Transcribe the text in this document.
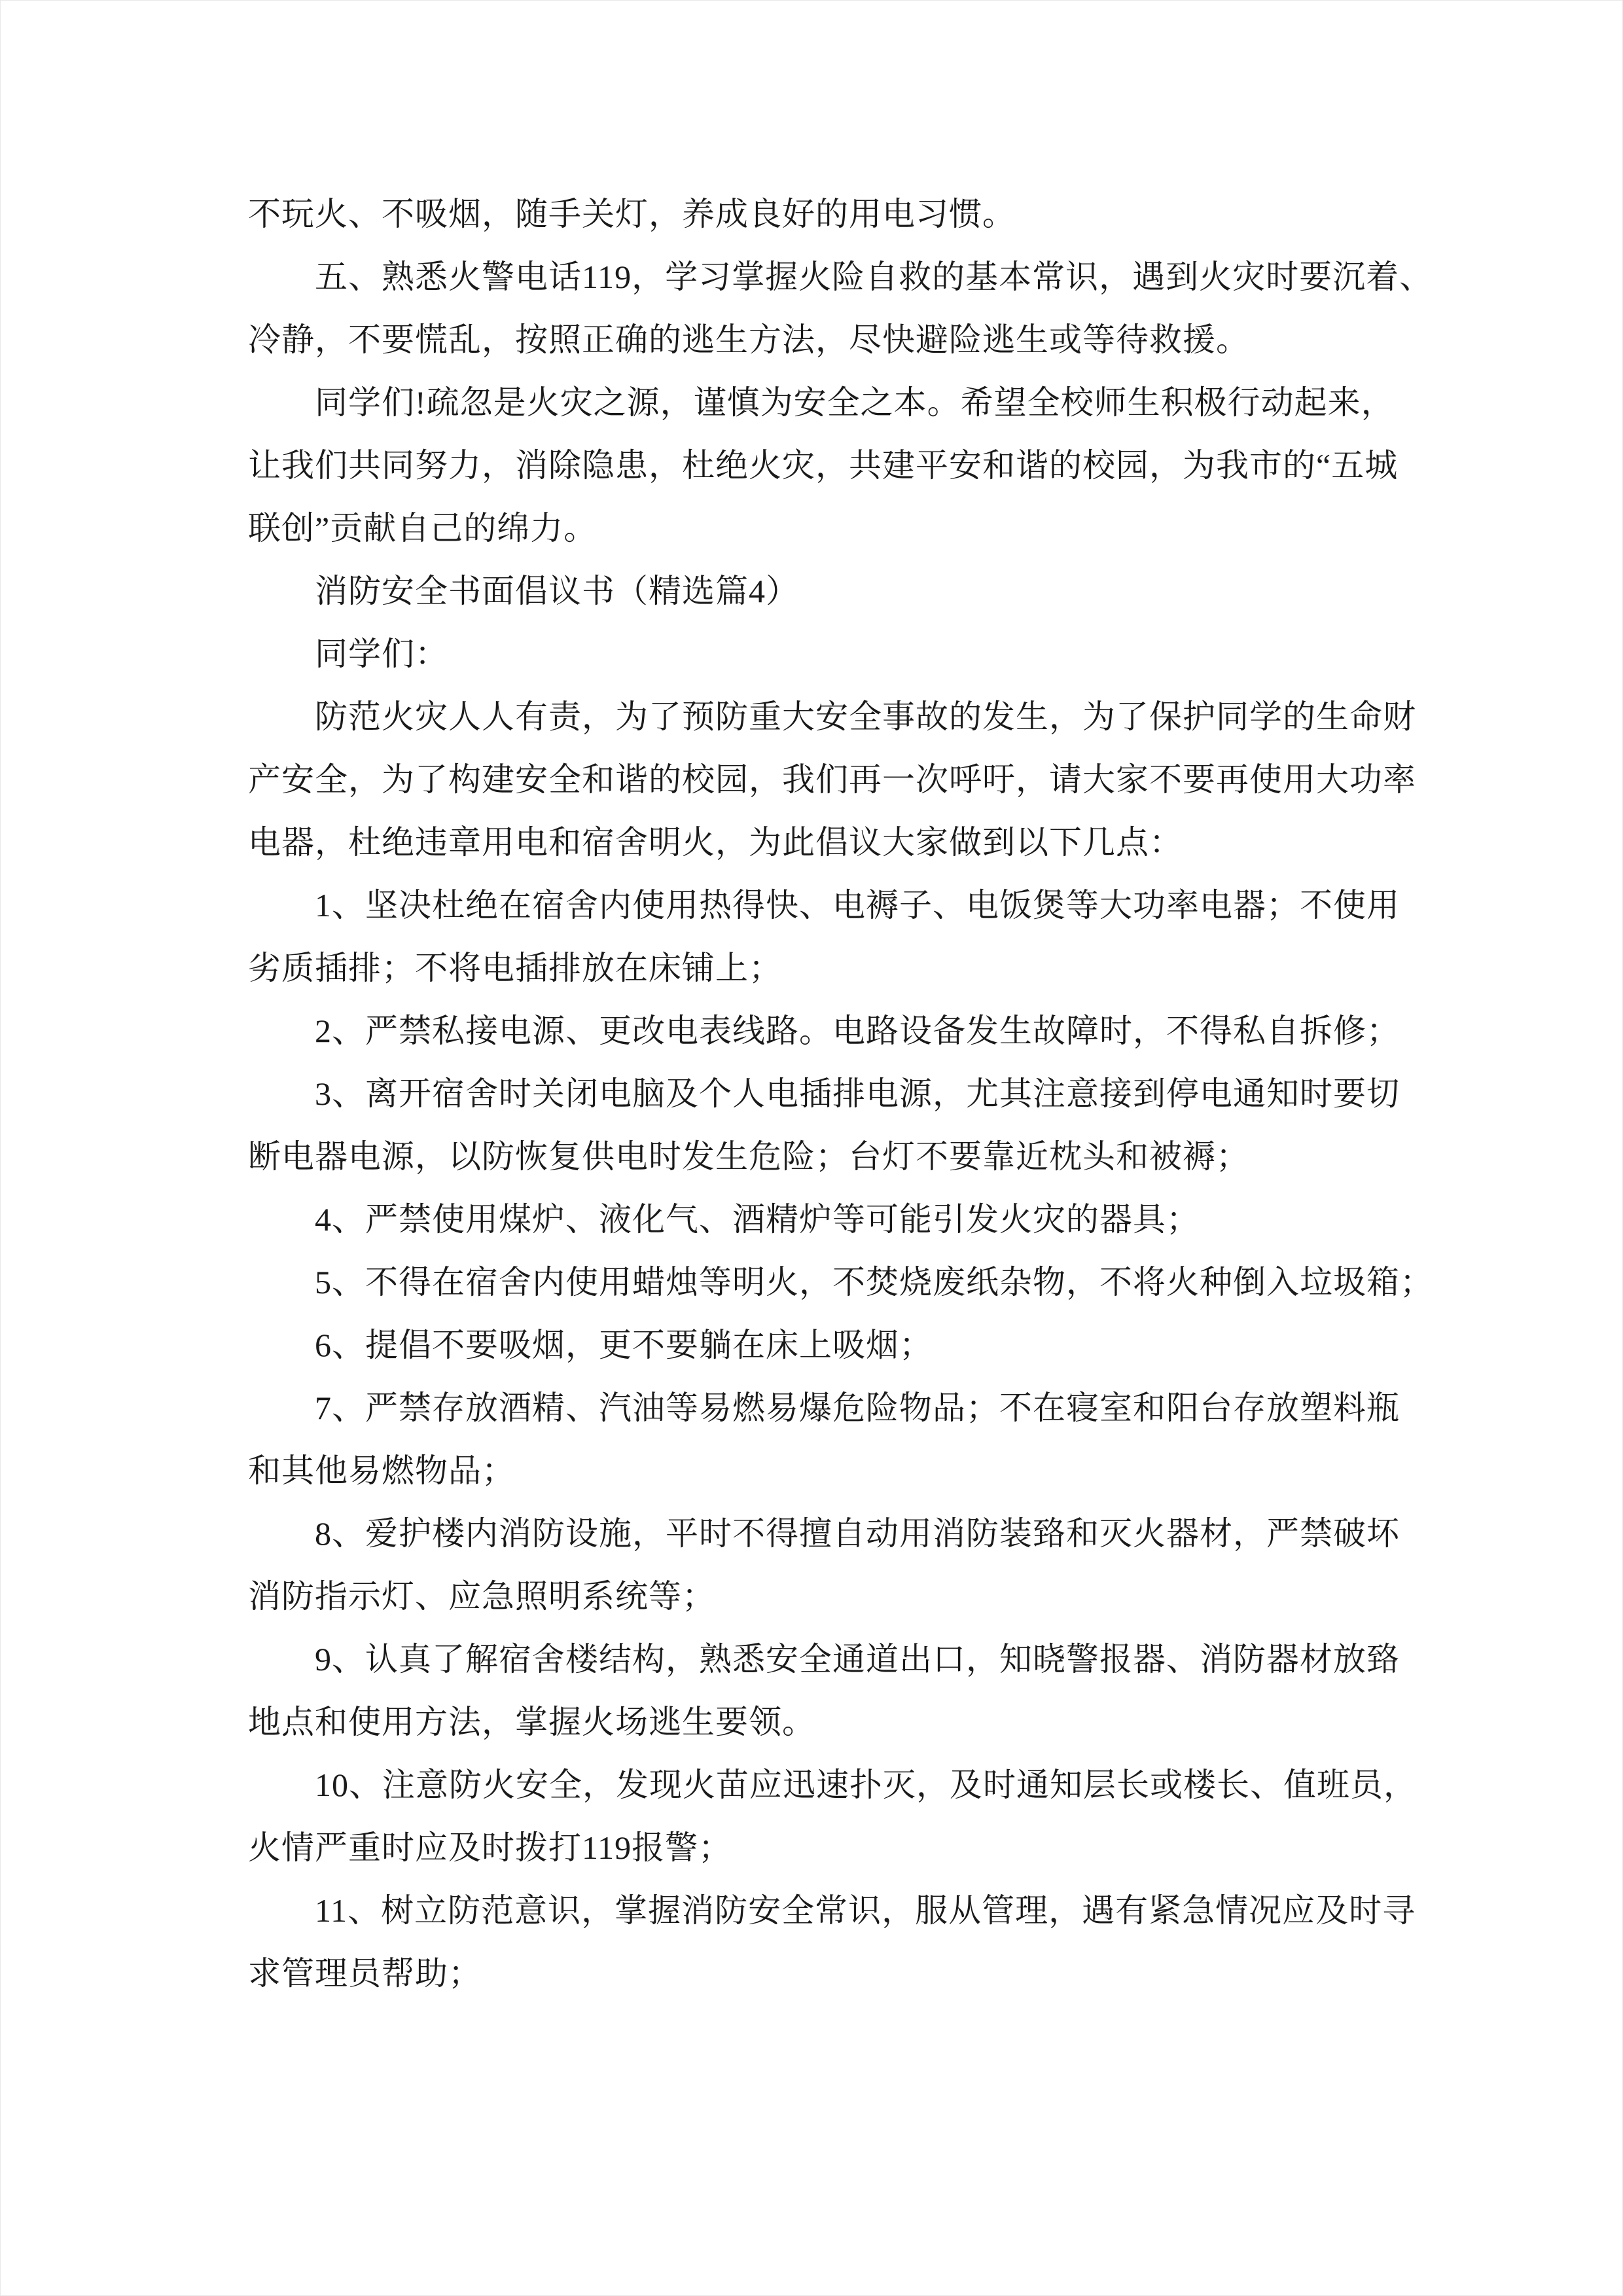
不玩火、不吸烟，随手关灯，养成良好的用电习惯。
五、熟悉火警电话119，学习掌握火险自救的基本常识，遇到火灾时要沉着、
冷静，不要慌乱，按照正确的逃生方法，尽快避险逃生或等待救援。
同学们!疏忽是火灾之源，谨慎为安全之本。希望全校师生积极行动起来，
让我们共同努力，消除隐患，杜绝火灾，共建平安和谐的校园，为我市的“五城
联创”贡献自己的绵力。
消防安全书面倡议书（精选篇4）
同学们：
防范火灾人人有责，为了预防重大安全事故的发生，为了保护同学的生命财
产安全，为了构建安全和谐的校园，我们再一次呼吁，请大家不要再使用大功率
电器，杜绝违章用电和宿舍明火，为此倡议大家做到以下几点：
1、坚决杜绝在宿舍内使用热得快、电褥子、电饭煲等大功率电器；不使用
劣质插排；不将电插排放在床铺上；
2、严禁私接电源、更改电表线路。电路设备发生故障时，不得私自拆修；
3、离开宿舍时关闭电脑及个人电插排电源，尤其注意接到停电通知时要切
断电器电源，以防恢复供电时发生危险；台灯不要靠近枕头和被褥；
4、严禁使用煤炉、液化气、酒精炉等可能引发火灾的器具；
5、不得在宿舍内使用蜡烛等明火，不焚烧废纸杂物，不将火种倒入垃圾箱；
6、提倡不要吸烟，更不要躺在床上吸烟；
7、严禁存放酒精、汽油等易燃易爆危险物品；不在寝室和阳台存放塑料瓶
和其他易燃物品；
8、爱护楼内消防设施，平时不得擅自动用消防装臵和灭火器材，严禁破坏
消防指示灯、应急照明系统等；
9、认真了解宿舍楼结构，熟悉安全通道出口，知晓警报器、消防器材放臵
地点和使用方法，掌握火场逃生要领。
10、注意防火安全，发现火苗应迅速扑灭，及时通知层长或楼长、值班员，
火情严重时应及时拨打119报警；
11、树立防范意识，掌握消防安全常识，服从管理，遇有紧急情况应及时寻
求管理员帮助；
